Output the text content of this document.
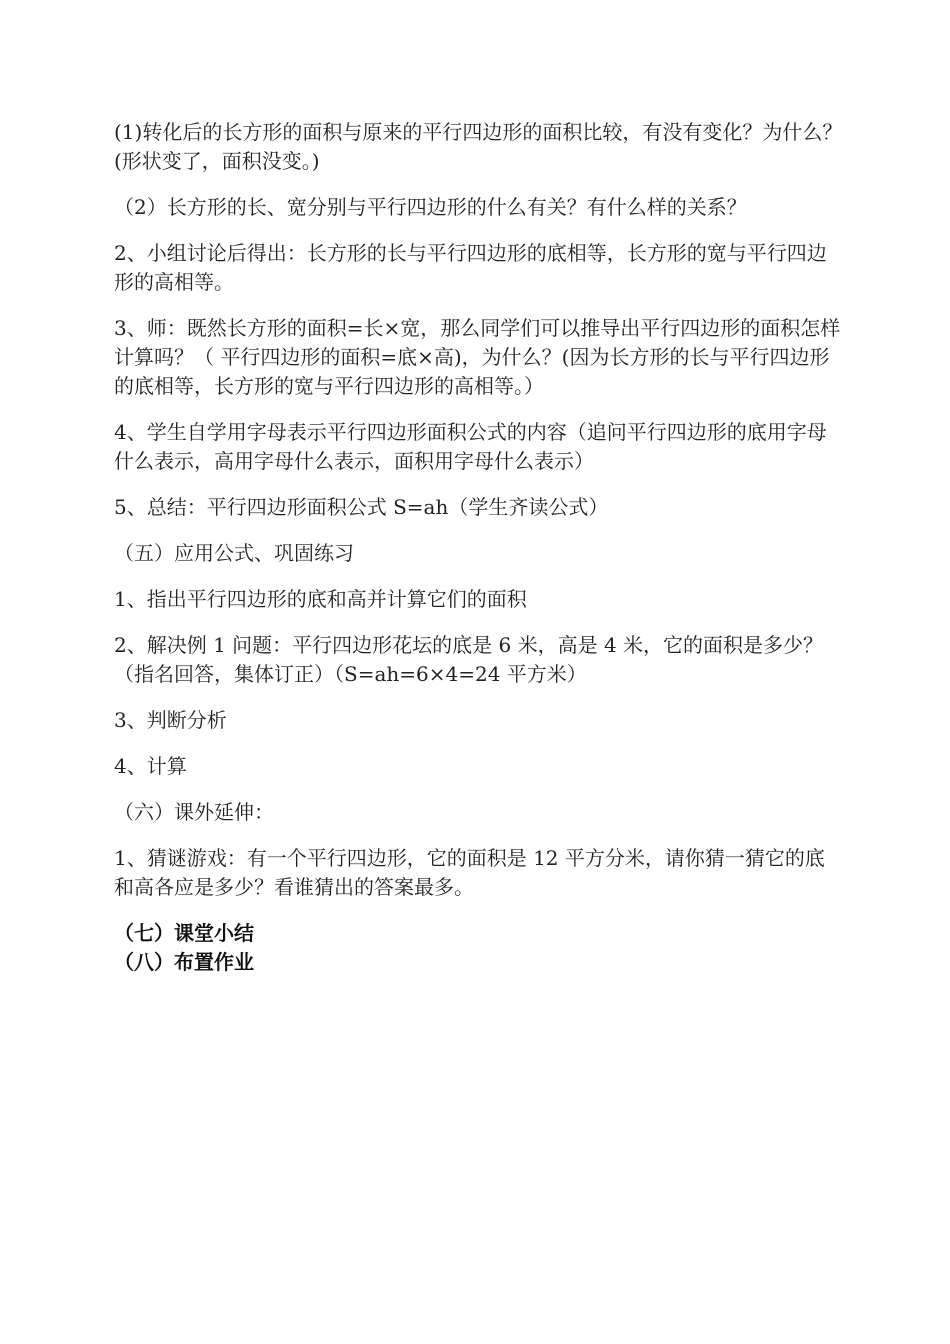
(1)转化后的长方形的面积与原来的平行四边形的面积比较，有没有变化？为什么？(形状变了，面积没变。)

（2）长方形的长、宽分别与平行四边形的什么有关？有什么样的关系？

2、小组讨论后得出：长方形的长与平行四边形的底相等，长方形的宽与平行四边形的高相等。

3、师：既然长方形的面积=长×宽，那么同学们可以推导出平行四边形的面积怎样计算吗？（ 平行四边形的面积=底×高)，为什么？(因为长方形的长与平行四边形的底相等，长方形的宽与平行四边形的高相等。）

4、学生自学用字母表示平行四边形面积公式的内容（追问平行四边形的底用字母什么表示，高用字母什么表示，面积用字母什么表示）

5、总结：平行四边形面积公式 S=ah（学生齐读公式）

（五）应用公式、巩固练习

1、指出平行四边形的底和高并计算它们的面积

2、解决例 1 问题：平行四边形花坛的底是 6 米，高是 4 米，它的面积是多少？（指名回答，集体订正）（S=ah=6×4=24 平方米）

3、判断分析

4、计算

（六）课外延伸：

1、猜谜游戏：有一个平行四边形，它的面积是 12 平方分米，请你猜一猜它的底和高各应是多少？看谁猜出的答案最多。

（七）课堂小结

（八）布置作业
